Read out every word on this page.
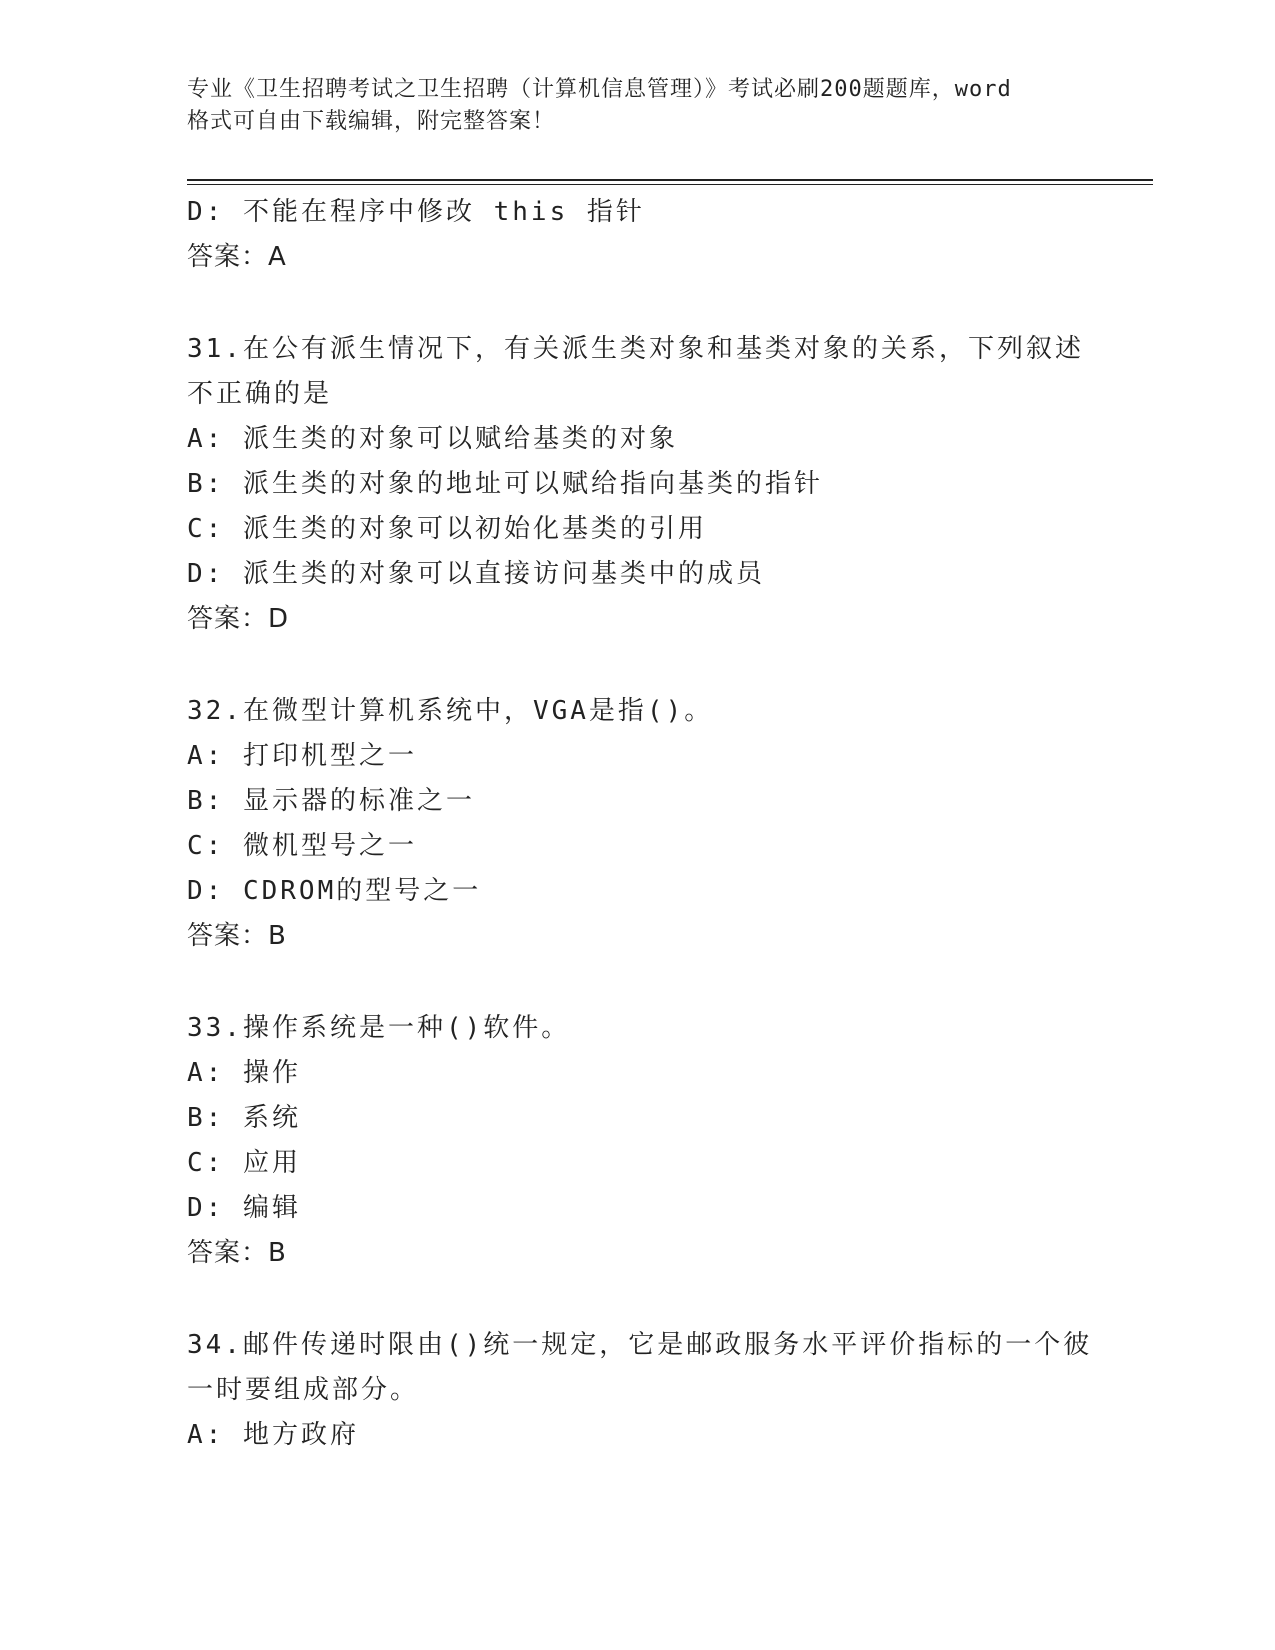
专业《卫生招聘考试之卫生招聘（计算机信息管理）》考试必刷200题题库，word
格式可自由下载编辑，附完整答案！
D: 不能在程序中修改 this 指针
答案：A
31.在公有派生情况下，有关派生类对象和基类对象的关系，下列叙述
不正确的是
A: 派生类的对象可以赋给基类的对象
B: 派生类的对象的地址可以赋给指向基类的指针
C: 派生类的对象可以初始化基类的引用
D: 派生类的对象可以直接访问基类中的成员
答案：D
32.在微型计算机系统中，VGA是指()。
A: 打印机型之一
B: 显示器的标准之一
C: 微机型号之一
D: CDROM的型号之一
答案：B
33.操作系统是一种()软件。
A: 操作
B: 系统
C: 应用
D: 编辑
答案：B
34.邮件传递时限由()统一规定，它是邮政服务水平评价指标的一个彼
一时要组成部分。
A: 地方政府
